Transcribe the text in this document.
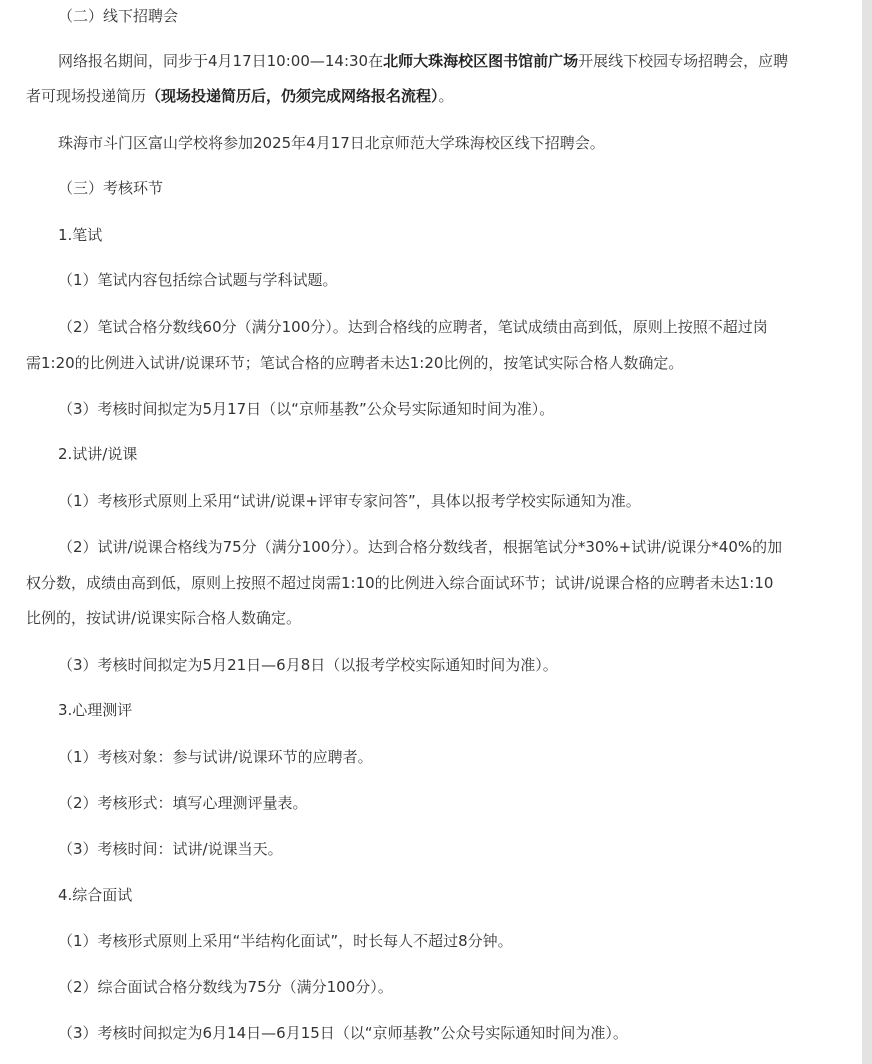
（二）线下招聘会
网络报名期间，同步于4月17日10:00—14:30在北师大珠海校区图书馆前广场开展线下校园专场招聘会，应聘
者可现场投递简历（现场投递简历后，仍须完成网络报名流程）。
珠海市斗门区富山学校将参加2025年4月17日北京师范大学珠海校区线下招聘会。
（三）考核环节
1.笔试
（1）笔试内容包括综合试题与学科试题。
（2）笔试合格分数线60分（满分100分）。达到合格线的应聘者，笔试成绩由高到低，原则上按照不超过岗
需1:20的比例进入试讲/说课环节；笔试合格的应聘者未达1:20比例的，按笔试实际合格人数确定。
（3）考核时间拟定为5月17日（以“京师基教”公众号实际通知时间为准）。
2.试讲/说课
（1）考核形式原则上采用“试讲/说课+评审专家问答”，具体以报考学校实际通知为准。
（2）试讲/说课合格线为75分（满分100分）。达到合格分数线者，根据笔试分*30%+试讲/说课分*40%的加
权分数，成绩由高到低，原则上按照不超过岗需1:10的比例进入综合面试环节；试讲/说课合格的应聘者未达1:10
比例的，按试讲/说课实际合格人数确定。
（3）考核时间拟定为5月21日—6月8日（以报考学校实际通知时间为准）。
3.心理测评
（1）考核对象：参与试讲/说课环节的应聘者。
（2）考核形式：填写心理测评量表。
（3）考核时间：试讲/说课当天。
4.综合面试
（1）考核形式原则上采用“半结构化面试”，时长每人不超过8分钟。
（2）综合面试合格分数线为75分（满分100分）。
（3）考核时间拟定为6月14日—6月15日（以“京师基教”公众号实际通知时间为准）。
